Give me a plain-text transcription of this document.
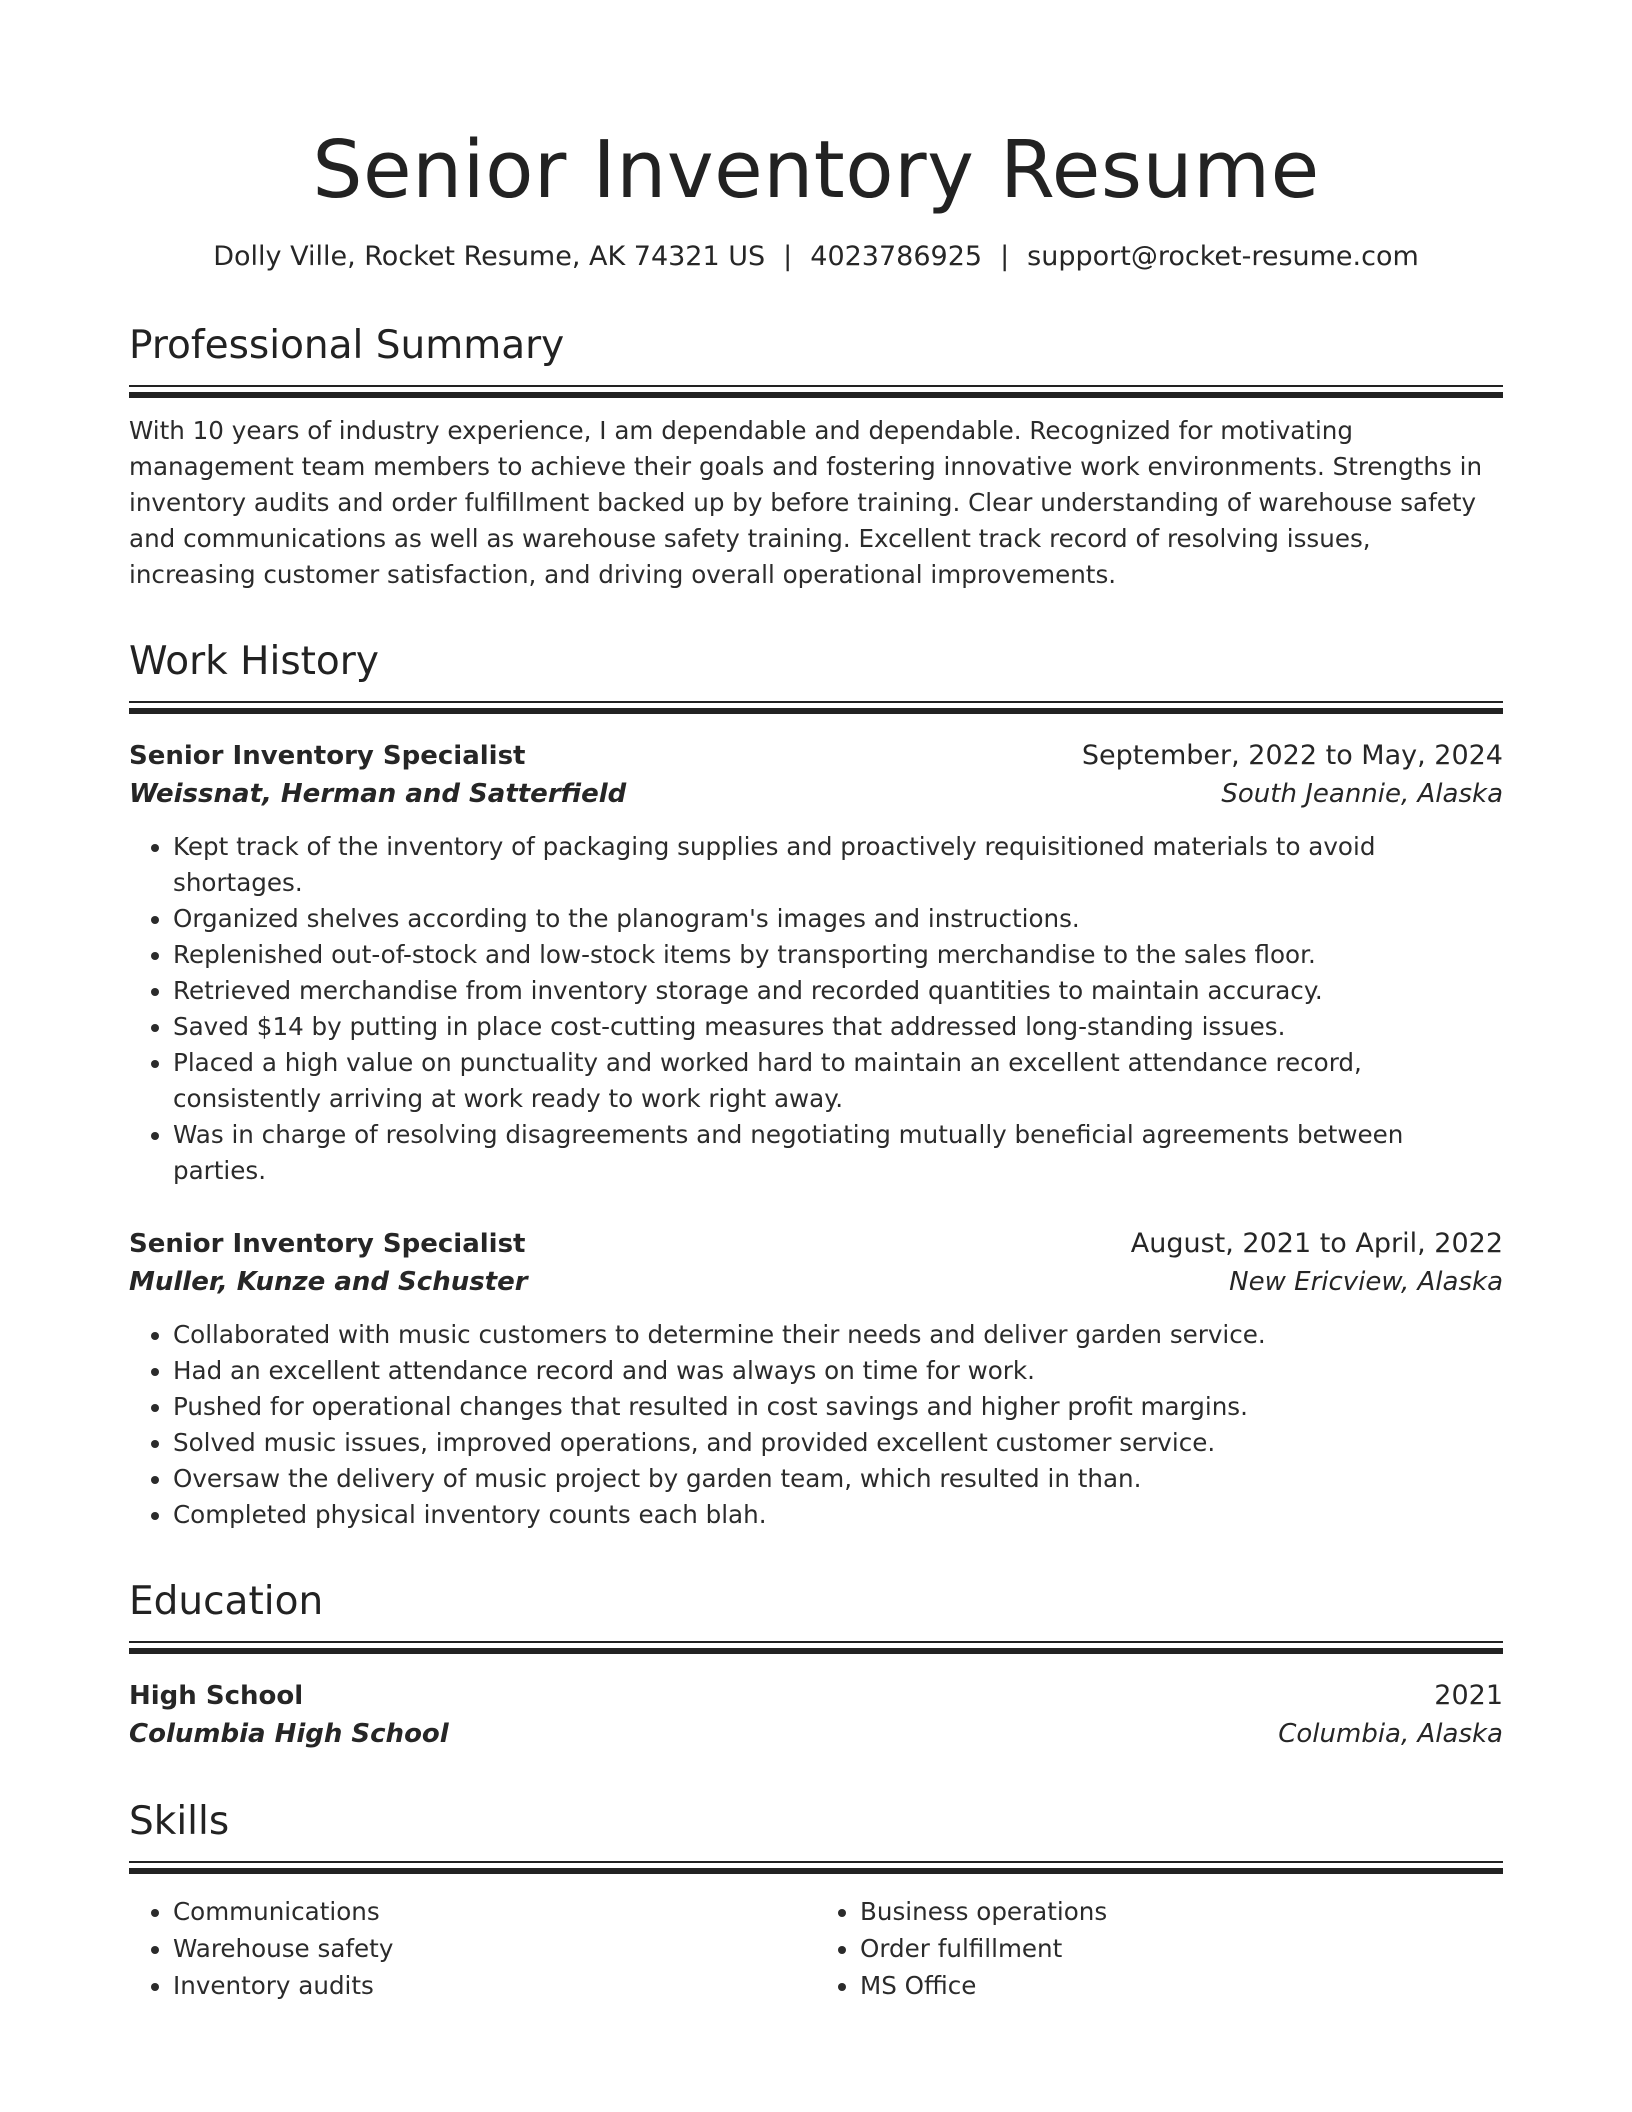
Senior Inventory Resume
Dolly Ville, Rocket Resume, AK 74321 US | 4023786925 | support@rocket-resume.com
Professional Summary
With 10 years of industry experience, I am dependable and dependable. Recognized for motivating management team members to achieve their goals and fostering innovative work environments. Strengths in inventory audits and order fulfillment backed up by before training. Clear understanding of warehouse safety and communications as well as warehouse safety training. Excellent track record of resolving issues, increasing customer satisfaction, and driving overall operational improvements.
Work History
Senior Inventory Specialist	September, 2022 to May, 2024
Weissnat, Herman and Satterfield	South Jeannie, Alaska
• Kept track of the inventory of packaging supplies and proactively requisitioned materials to avoid shortages.
• Organized shelves according to the planogram's images and instructions.
• Replenished out-of-stock and low-stock items by transporting merchandise to the sales floor.
• Retrieved merchandise from inventory storage and recorded quantities to maintain accuracy.
• Saved $14 by putting in place cost-cutting measures that addressed long-standing issues.
• Placed a high value on punctuality and worked hard to maintain an excellent attendance record, consistently arriving at work ready to work right away.
• Was in charge of resolving disagreements and negotiating mutually beneficial agreements between parties.
Senior Inventory Specialist	August, 2021 to April, 2022
Muller, Kunze and Schuster	New Ericview, Alaska
• Collaborated with music customers to determine their needs and deliver garden service.
• Had an excellent attendance record and was always on time for work.
• Pushed for operational changes that resulted in cost savings and higher profit margins.
• Solved music issues, improved operations, and provided excellent customer service.
• Oversaw the delivery of music project by garden team, which resulted in than.
• Completed physical inventory counts each blah.
Education
High School	2021
Columbia High School	Columbia, Alaska
Skills
• Communications
• Warehouse safety
• Inventory audits
• Business operations
• Order fulfillment
• MS Office
